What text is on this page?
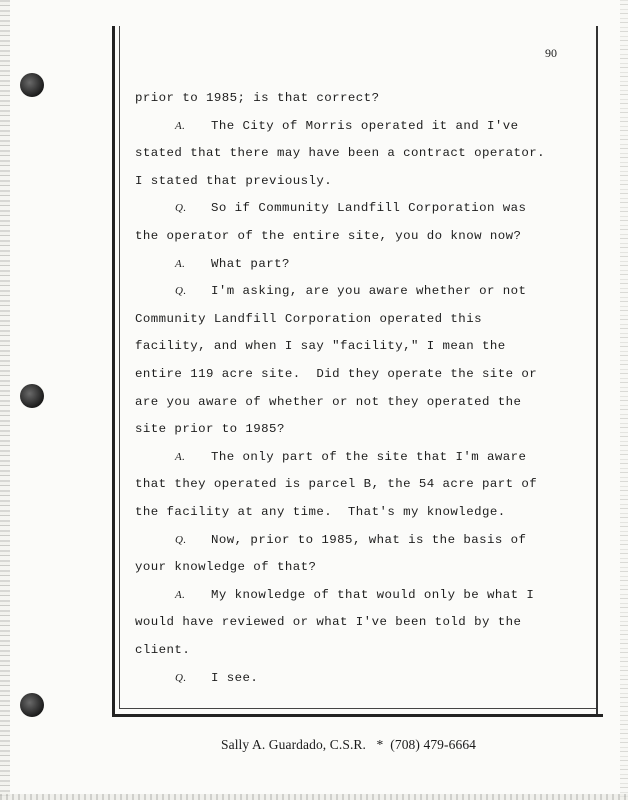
90
prior to 1985; is that correct?
A. The City of Morris operated it and I've
stated that there may have been a contract operator.
I stated that previously.
Q. So if Community Landfill Corporation was
the operator of the entire site, you do know now?
A. What part?
Q. I'm asking, are you aware whether or not
Community Landfill Corporation operated this
facility, and when I say "facility," I mean the
entire 119 acre site.  Did they operate the site or
are you aware of whether or not they operated the
site prior to 1985?
A. The only part of the site that I'm aware
that they operated is parcel B, the 54 acre part of
the facility at any time.  That's my knowledge.
Q. Now, prior to 1985, what is the basis of
your knowledge of that?
A. My knowledge of that would only be what I
would have reviewed or what I've been told by the
client.
Q. I see.
Sally A. Guardado, C.S.R. * (708) 479-6664
